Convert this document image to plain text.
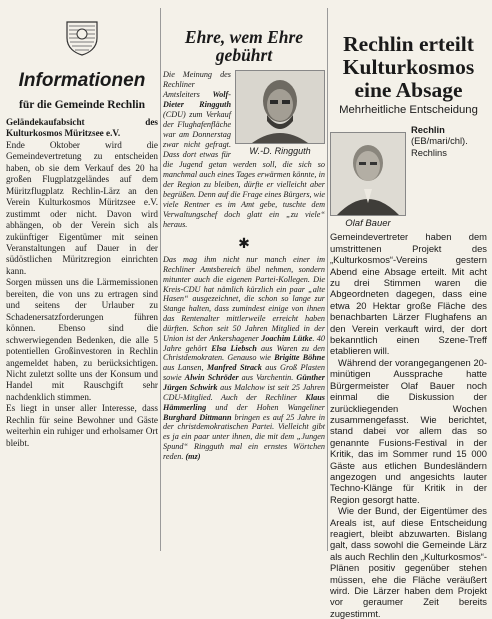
Informationen
für die Gemeinde Rechlin

Geländekaufabsicht des Kulturkosmos Müritzsee e.V.

Ende Oktober wird die Gemeindevertretung zu entscheiden haben, ob sie dem Verkauf des 20 ha großen Flugplatzgeländes auf dem Müritzflugplatz Rechlin-Lärz an den Verein Kulturkosmos Müritzsee e.V. zustimmt oder nicht. Davon wird abhängen, ob der Verein sich als zukünftiger Eigentümer mit seinen Veranstaltungen auf Dauer in der südöstlichen Müritzregion einrichten kann.

Sorgen müssen uns die Lärmemissionen bereiten, die von uns zu ertragen sind und seitens der Urlauber zu Schadenersatzforderungen führen können. Ebenso sind die schwerwiegenden Bedenken, die alle 5 potentiellen Großinvestoren in Rechlin angemeldet haben, zu berücksichtigen. Nicht zuletzt sollte uns der Konsum und Handel mit Rauschgift sehr nachdenklich stimmen.

Es liegt in unser aller Interesse, dass Rechlin für seine Bewohner und Gäste weiterhin ein ruhiger und erholsamer Ort bleibt.

Ehre, wem Ehre gebührt
W.-D. Ringguth
Die Meinung des Rechliner Amtsleiters Wolf-Dieter Ringguth (CDU) zum Verkauf der Flughafenfläche war am Donnerstag zwar nicht gefragt. Dass dort etwas für die Jugend getan werden soll, die sich so manchmal auch eines Tages erwärmen könnte, in der Region zu bleiben, dürfte er vielleicht aber begrüßen. Denn auf die Frage eines Bürgers, wie viele Rentner es im Amt gebe, tuschte dem Verwaltungschef doch glatt ein „zu viele“ heraus.
✱
Das mag ihm nicht nur manch einer im Rechliner Amtsbereich übel nehmen, sondern mitunter auch die eigenen Partei-Kollegen. Die Kreis-CDU hat nämlich kürzlich ein paar „alte Hasen“ ausgezeichnet, die schon so lange zur Stange halten, dass zumindest einige von ihnen das Rentenalter mittlerweile erreicht haben dürften. Schon seit 50 Jahren Mitglied in der Union ist der Ankershagener Joachim Lütke. 40 Jahre gehört Elsa Liebsch aus Waren zu den Christdemokraten. Genauso wie Brigitte Böhne aus Lansen, Manfred Strack aus Groß Plasten sowie Alwin Schröder aus Varchentin. Günther Jürgen Schwirk aus Malchow ist seit 25 Jahren CDU-Mitglied. Auch der Rechliner Klaus Hämmerling und der Hohen Wangeliner Burghard Dittmann bringen es auf 25 Jahre in der christdemokratischen Partei. Vielleicht gibt es ja ein paar unter ihnen, die mit dem „Jungen Spund“ Ringguth mal ein ernstes Wörtchen reden. (mz)
Rechlin erteilt Kulturkosmos eine Absage
Mehrheitliche Entscheidung
Olaf Bauer

Rechlin (EB/mari/chl). Rechlins Gemeindevertreter haben dem umstrittenen Projekt des „Kulturkosmos“-Vereins gestern Abend eine Absage erteilt. Mit acht zu drei Stimmen waren die Abgeordneten dagegen, dass eine etwa 20 Hektar große Fläche des benachbarten Lärzer Flughafens an den Verein verkauft wird, der dort bekanntlich einen Szene-Treff etablieren will.

Während der vorangegangenen 20-minütigen Aussprache hatte Bürgermeister Olaf Bauer noch einmal die Diskussion der zurückliegenden Wochen zusammengefasst. Wie berichtet, stand dabei vor allem das so genannte Fusions-Festival in der Kritik, das im Sommer rund 15 000 Gäste aus etlichen Bundesländern angezogen und angesichts lauter Techno-Klänge für Kritik in der Region gesorgt hatte.

Wie der Bund, der Eigentümer des Areals ist, auf diese Entscheidung reagiert, bleibt abzuwarten. Bislang galt, dass sowohl die Gemeinde Lärz als auch Rechlin den „Kulturkosmos“-Plänen positiv gegenüber stehen müssen, ehe die Fläche veräußert wird. Die Lärzer haben dem Projekt vor geraumer Zeit bereits zugestimmt.
